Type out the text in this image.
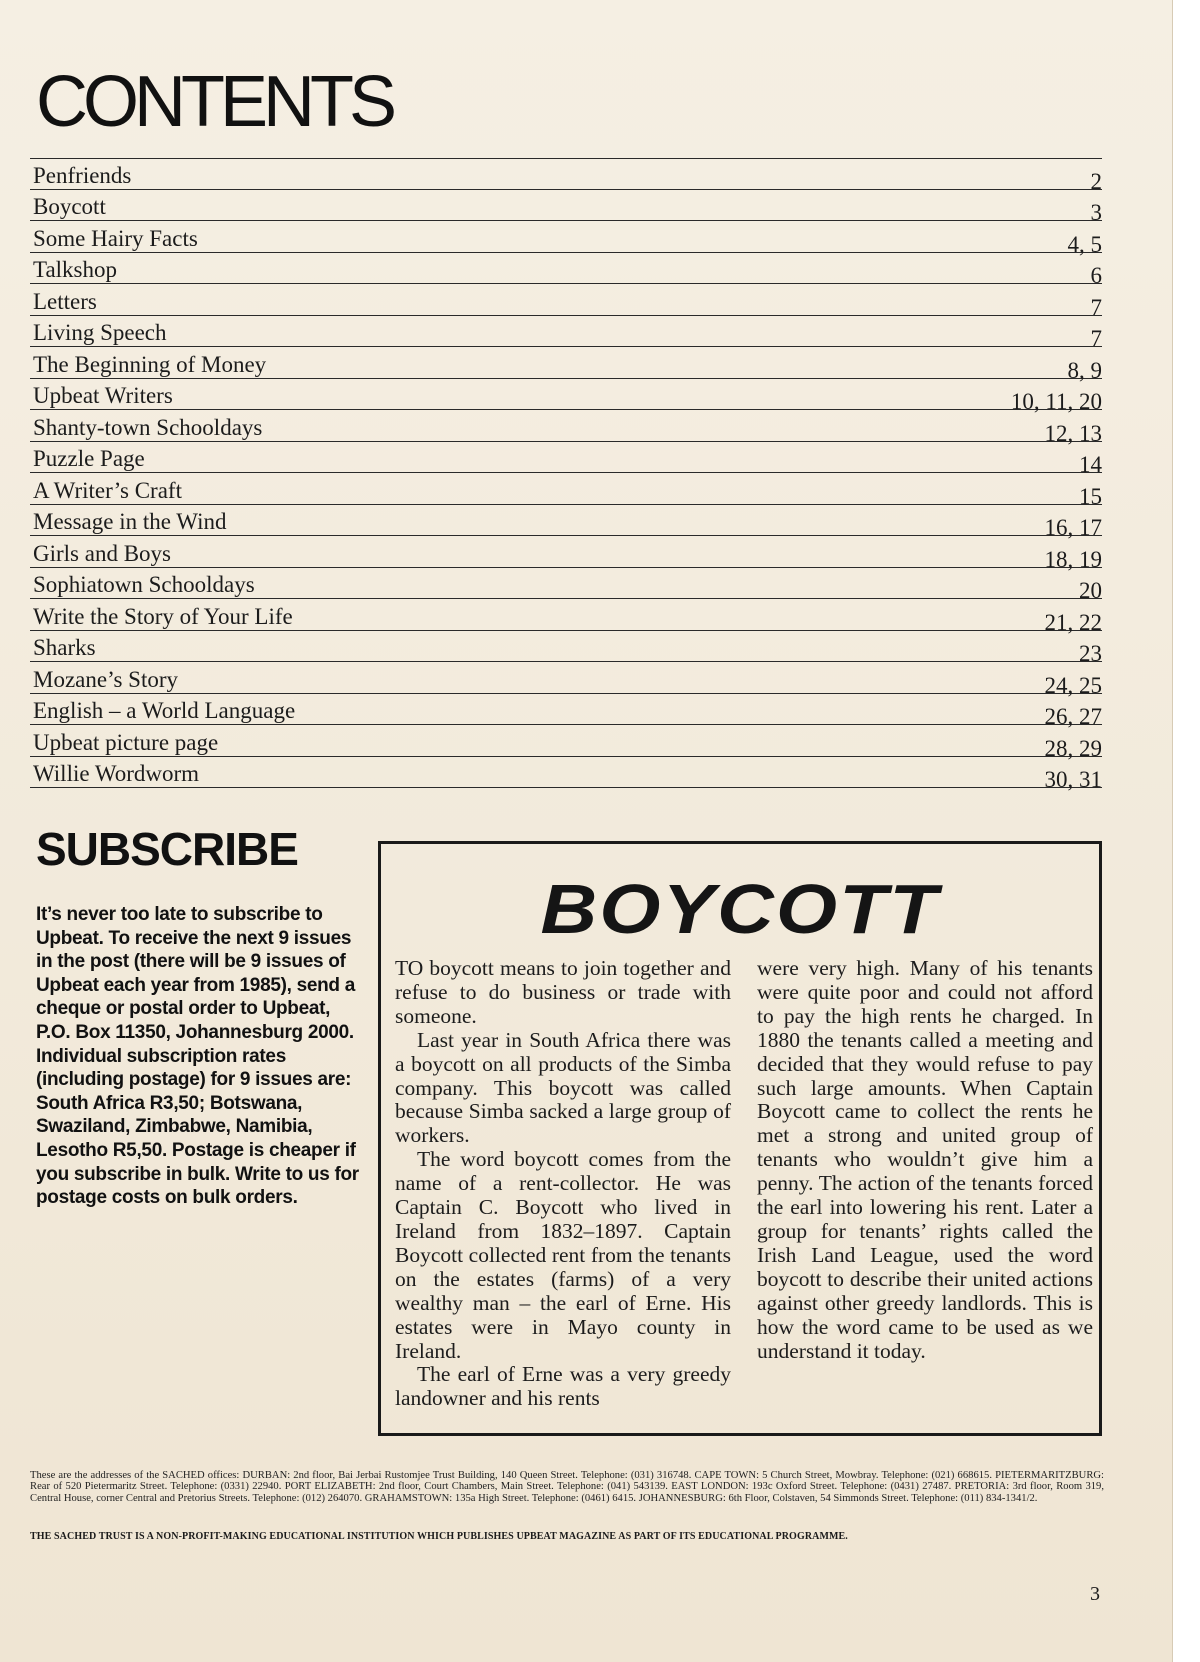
CONTENTS
Penfriends	2
Boycott	3
Some Hairy Facts	4, 5
Talkshop	6
Letters	7
Living Speech	7
The Beginning of Money	8, 9
Upbeat Writers	10, 11, 20
Shanty-town Schooldays	12, 13
Puzzle Page	14
A Writer’s Craft	15
Message in the Wind	16, 17
Girls and Boys	18, 19
Sophiatown Schooldays	20
Write the Story of Your Life	21, 22
Sharks	23
Mozane’s Story	24, 25
English – a World Language	26, 27
Upbeat picture page	28, 29
Willie Wordworm	30, 31
SUBSCRIBE
It’s never too late to subscribe to Upbeat. To receive the next 9 issues in the post (there will be 9 issues of Upbeat each year from 1985), send a cheque or postal order to Upbeat, P.O. Box 11350, Johannesburg 2000. Individual subscription rates (including postage) for 9 issues are: South Africa R3,50; Botswana, Swaziland, Zimbabwe, Namibia, Lesotho R5,50. Postage is cheaper if you subscribe in bulk. Write to us for postage costs on bulk orders.
BOYCOTT

TO boycott means to join together and refuse to do business or trade with someone.

Last year in South Africa there was a boycott on all products of the Simba company. This boycott was called because Simba sacked a large group of workers.

The word boycott comes from the name of a rent-collector. He was Captain C. Boycott who lived in Ireland from 1832–1897. Captain Boycott collected rent from the tenants on the estates (farms) of a very wealthy man – the earl of Erne. His estates were in Mayo county in Ireland.

The earl of Erne was a very greedy landowner and his rents

were very high. Many of his tenants were quite poor and could not afford to pay the high rents he charged. In 1880 the tenants called a meeting and decided that they would refuse to pay such large amounts. When Captain Boycott came to collect the rents he met a strong and united group of tenants who wouldn’t give him a penny. The action of the tenants forced the earl into lowering his rent. Later a group for tenants’ rights called the Irish Land League, used the word boycott to describe their united actions against other greedy landlords. This is how the word came to be used as we understand it today.

These are the addresses of the SACHED offices: DURBAN: 2nd floor, Bai Jerbai Rustomjee Trust Building, 140 Queen Street. Telephone: (031) 316748. CAPE TOWN: 5 Church Street, Mowbray. Telephone: (021) 668615. PIETERMARITZBURG: Rear of 520 Pietermaritz Street. Telephone: (0331) 22940. PORT ELIZABETH: 2nd floor, Court Chambers, Main Street. Telephone: (041) 543139. EAST LONDON: 193c Oxford Street. Telephone: (0431) 27487. PRETORIA: 3rd floor, Room 319, Central House, corner Central and Pretorius Streets. Telephone: (012) 264070. GRAHAMSTOWN: 135a High Street. Telephone: (0461) 6415. JOHANNESBURG: 6th Floor, Colstaven, 54 Simmonds Street. Telephone: (011) 834-1341/2.
THE SACHED TRUST IS A NON-PROFIT-MAKING EDUCATIONAL INSTITUTION WHICH PUBLISHES UPBEAT MAGAZINE AS PART OF ITS EDUCATIONAL PROGRAMME.
3
